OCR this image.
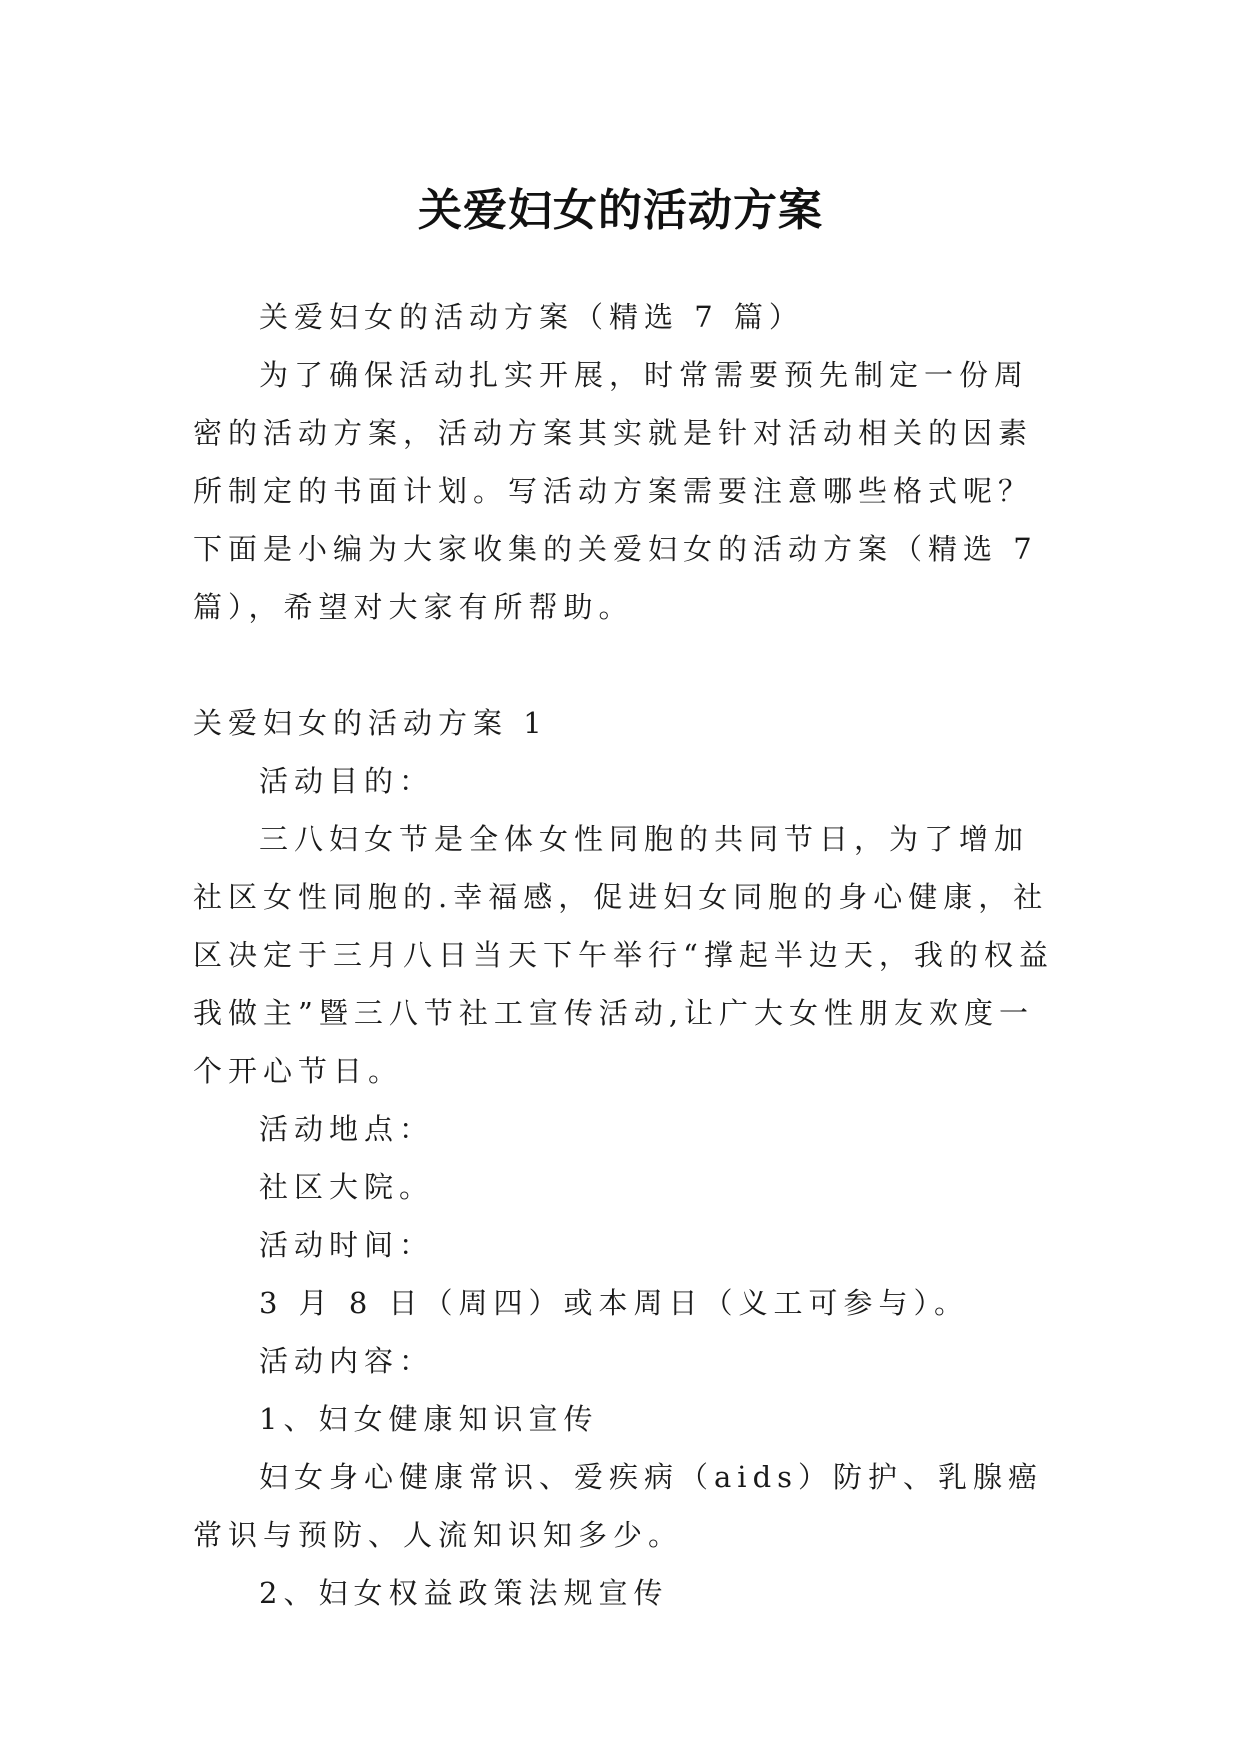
关爱妇女的活动方案

关爱妇女的活动方案（精选 7 篇）

为了确保活动扎实开展，时常需要预先制定一份周密的活动方案，活动方案其实就是针对活动相关的因素所制定的书面计划。写活动方案需要注意哪些格式呢？下面是小编为大家收集的关爱妇女的活动方案（精选 7 篇），希望对大家有所帮助。

关爱妇女的活动方案 1

活动目的：

三八妇女节是全体女性同胞的共同节日，为了增加社区女性同胞的.幸福感，促进妇女同胞的身心健康，社区决定于三月八日当天下午举行“撑起半边天，我的权益我做主”暨三八节社工宣传活动,让广大女性朋友欢度一个开心节日。

活动地点：

社区大院。

活动时间：

3 月 8 日（周四）或本周日（义工可参与）。

活动内容：

1、妇女健康知识宣传

妇女身心健康常识、爱疾病（aids）防护、乳腺癌常识与预防、人流知识知多少。

2、妇女权益政策法规宣传
